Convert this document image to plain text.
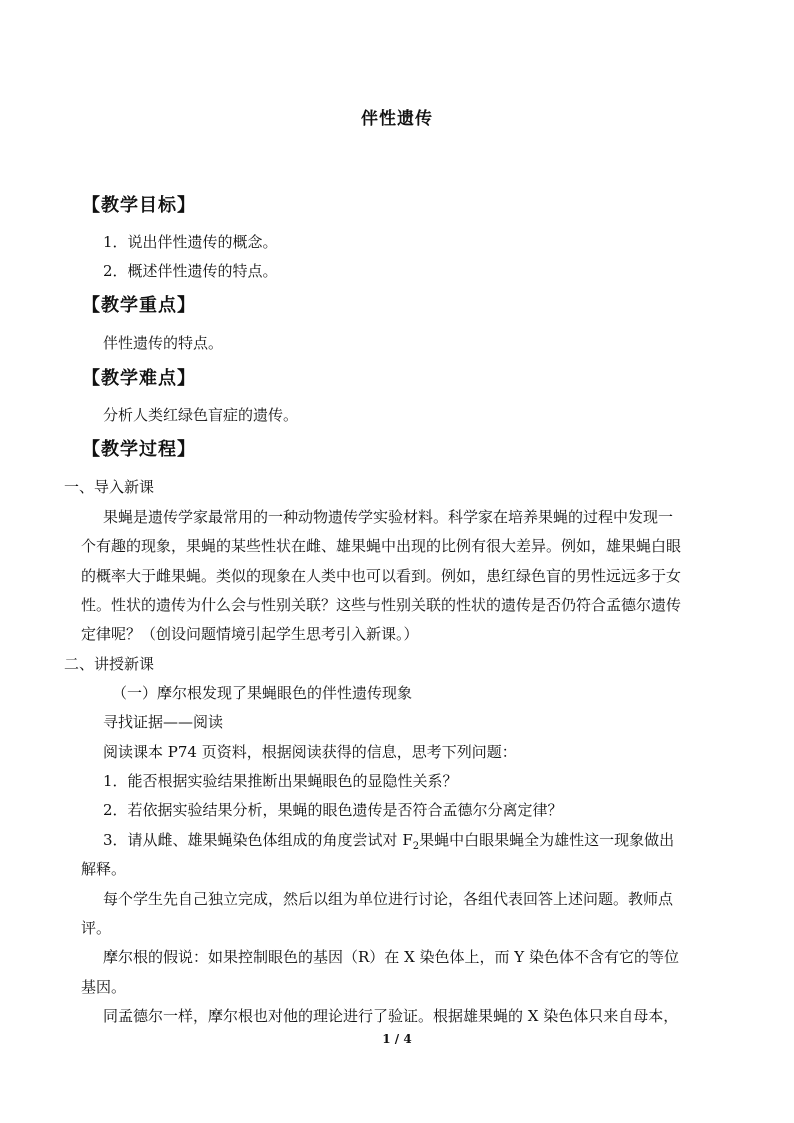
伴性遗传
【教学目标】
1．说出伴性遗传的概念。
2．概述伴性遗传的特点。
【教学重点】
伴性遗传的特点。
【教学难点】
分析人类红绿色盲症的遗传。
【教学过程】
一、导入新课
果蝇是遗传学家最常用的一种动物遗传学实验材料。科学家在培养果蝇的过程中发现一
个有趣的现象，果蝇的某些性状在雌、雄果蝇中出现的比例有很大差异。例如，雄果蝇白眼
的概率大于雌果蝇。类似的现象在人类中也可以看到。例如，患红绿色盲的男性远远多于女
性。性状的遗传为什么会与性别关联？这些与性别关联的性状的遗传是否仍符合孟德尔遗传
定律呢？（创设问题情境引起学生思考引入新课。）
二、讲授新课
（一）摩尔根发现了果蝇眼色的伴性遗传现象
寻找证据——阅读
阅读课本 P74 页资料，根据阅读获得的信息，思考下列问题：
1．能否根据实验结果推断出果蝇眼色的显隐性关系？
2．若依据实验结果分析，果蝇的眼色遗传是否符合孟德尔分离定律？
3．请从雌、雄果蝇染色体组成的角度尝试对 $F_2$果蝇中白眼果蝇全为雄性这一现象做出
解释。
每个学生先自己独立完成，然后以组为单位进行讨论，各组代表回答上述问题。教师点
评。
摩尔根的假说：如果控制眼色的基因（R）在 X 染色体上，而 Y 染色体不含有它的等位
基因。
同孟德尔一样，摩尔根也对他的理论进行了验证。根据雄果蝇的 X 染色体只来自母本，
1 / 4
